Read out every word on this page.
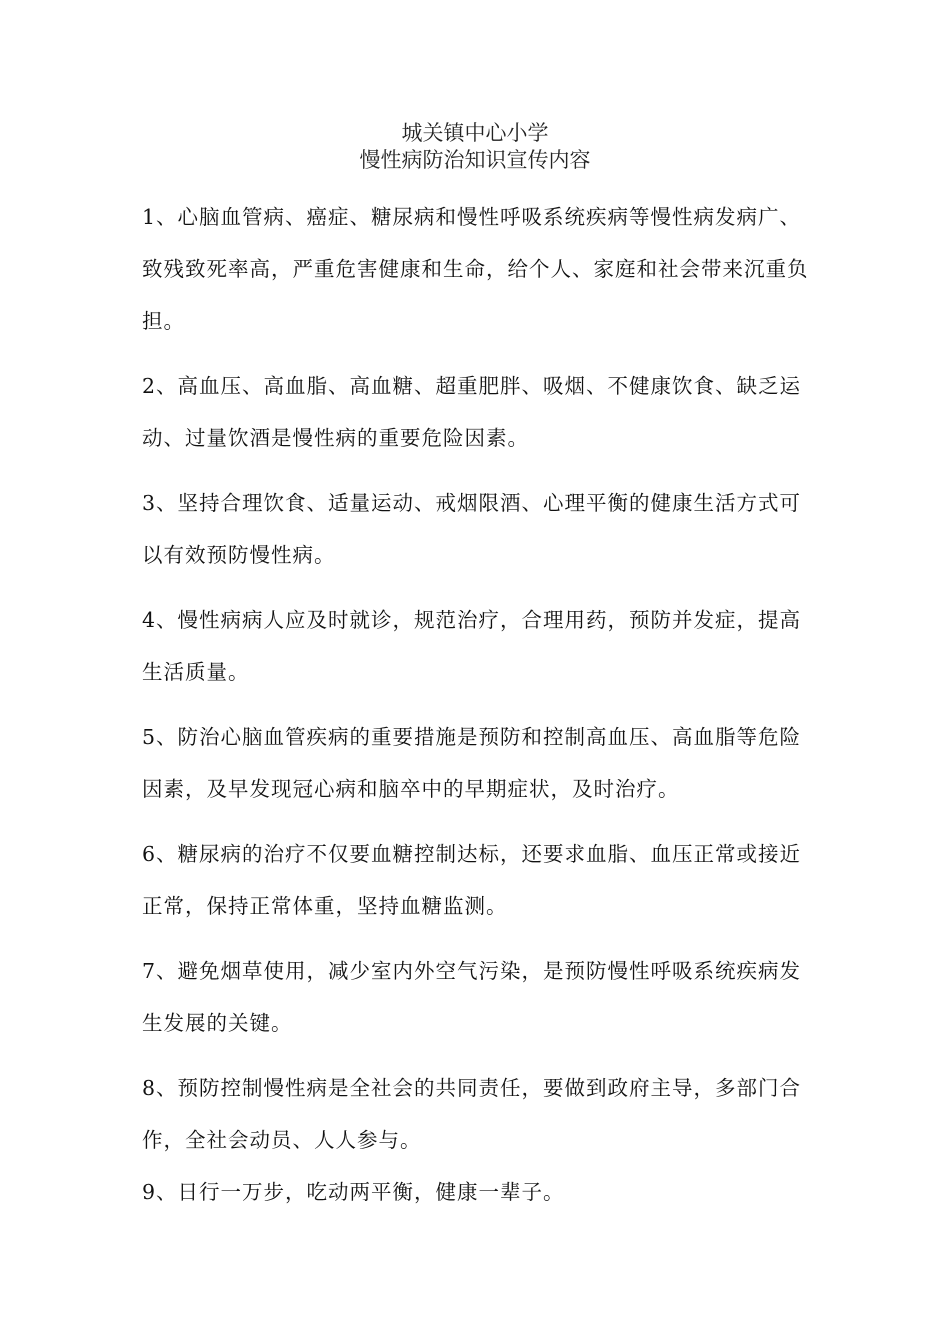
城关镇中心小学
慢性病防治知识宣传内容

1、心脑血管病、癌症、糖尿病和慢性呼吸系统疾病等慢性病发病广、致残致死率高，严重危害健康和生命，给个人、家庭和社会带来沉重负担。

2、高血压、高血脂、高血糖、超重肥胖、吸烟、不健康饮食、缺乏运动、过量饮酒是慢性病的重要危险因素。

3、坚持合理饮食、适量运动、戒烟限酒、心理平衡的健康生活方式可以有效预防慢性病。

4、慢性病病人应及时就诊，规范治疗，合理用药，预防并发症，提高生活质量。

5、防治心脑血管疾病的重要措施是预防和控制高血压、高血脂等危险因素，及早发现冠心病和脑卒中的早期症状，及时治疗。

6、糖尿病的治疗不仅要血糖控制达标，还要求血脂、血压正常或接近正常，保持正常体重，坚持血糖监测。

7、避免烟草使用，减少室内外空气污染，是预防慢性呼吸系统疾病发生发展的关键。

8、预防控制慢性病是全社会的共同责任，要做到政府主导，多部门合作，全社会动员、人人参与。

9、日行一万步，吃动两平衡，健康一辈子。
